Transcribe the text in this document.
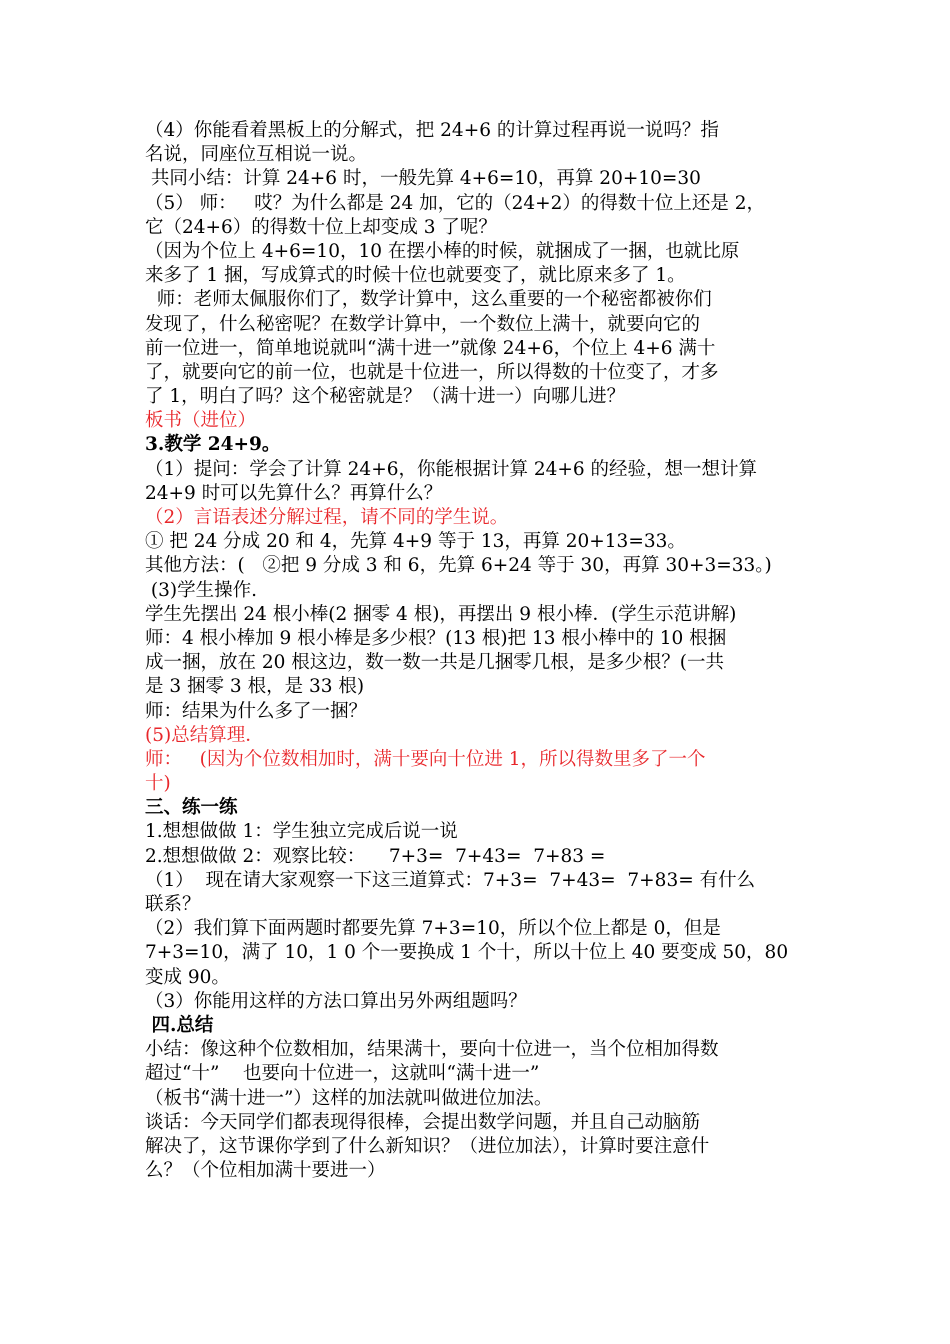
（4）你能看着黑板上的分解式，把 24+6 的计算过程再说一说吗？指
名说，同座位互相说一说。
共同小结：计算 24+6 时，一般先算 4+6=10，再算 20+10=30
（5） 师：   哎？为什么都是 24 加，它的（24+2）的得数十位上还是 2，
它（24+6）的得数十位上却变成 3 了呢？
（因为个位上 4+6=10，10 在摆小棒的时候，就捆成了一捆，也就比原
来多了 1 捆，写成算式的时候十位也就要变了，就比原来多了 1。
师：老师太佩服你们了，数学计算中，这么重要的一个秘密都被你们
发现了，什么秘密呢？在数学计算中，一个数位上满十，就要向它的
前一位进一，简单地说就叫“满十进一”就像 24+6，个位上 4+6 满十
了，就要向它的前一位，也就是十位进一，所以得数的十位变了，才多
了 1，明白了吗？这个秘密就是？（满十进一）向哪儿进？
板书（进位）
3.教学 24+9。
（1）提问：学会了计算 24+6，你能根据计算 24+6 的经验，想一想计算
24+9 时可以先算什么？再算什么？
（2）言语表述分解过程，请不同的学生说。
① 把 24 分成 20 和 4，先算 4+9 等于 13，再算 20+13=33。
其他方法：(   ②把 9 分成 3 和 6，先算 6+24 等于 30，再算 30+3=33。)
(3)学生操作.
学生先摆出 24 根小棒(2 捆零 4 根)，再摆出 9 根小棒．(学生示范讲解)
师：4 根小棒加 9 根小棒是多少根？(13 根)把 13 根小棒中的 10 根捆
成一捆，放在 20 根这边，数一数一共是几捆零几根，是多少根？(一共
是 3 捆零 3 根，是 33 根)
师：结果为什么多了一捆？
(5)总结算理．
师：   (因为个位数相加时，满十要向十位进 1，所以得数里多了一个
十)
三、练一练
1.想想做做 1：学生独立完成后说一说
2.想想做做 2：观察比较：    7+3=  7+43=  7+83 =
（1）  现在请大家观察一下这三道算式：7+3=  7+43=  7+83= 有什么
联系？
（2）我们算下面两题时都要先算 7+3=10，所以个位上都是 0，但是
7+3=10，满了 10，1 0 个一要换成 1 个十，所以十位上 40 要变成 50，80
变成 90。
（3）你能用这样的方法口算出另外两组题吗？
四.总结
小结：像这种个位数相加，结果满十，要向十位进一，当个位相加得数
超过“十”    也要向十位进一，这就叫“满十进一”
（板书“满十进一”）这样的加法就叫做进位加法。
谈话：今天同学们都表现得很棒，会提出数学问题，并且自己动脑筋
解决了，这节课你学到了什么新知识？（进位加法），计算时要注意什
么？（个位相加满十要进一）
